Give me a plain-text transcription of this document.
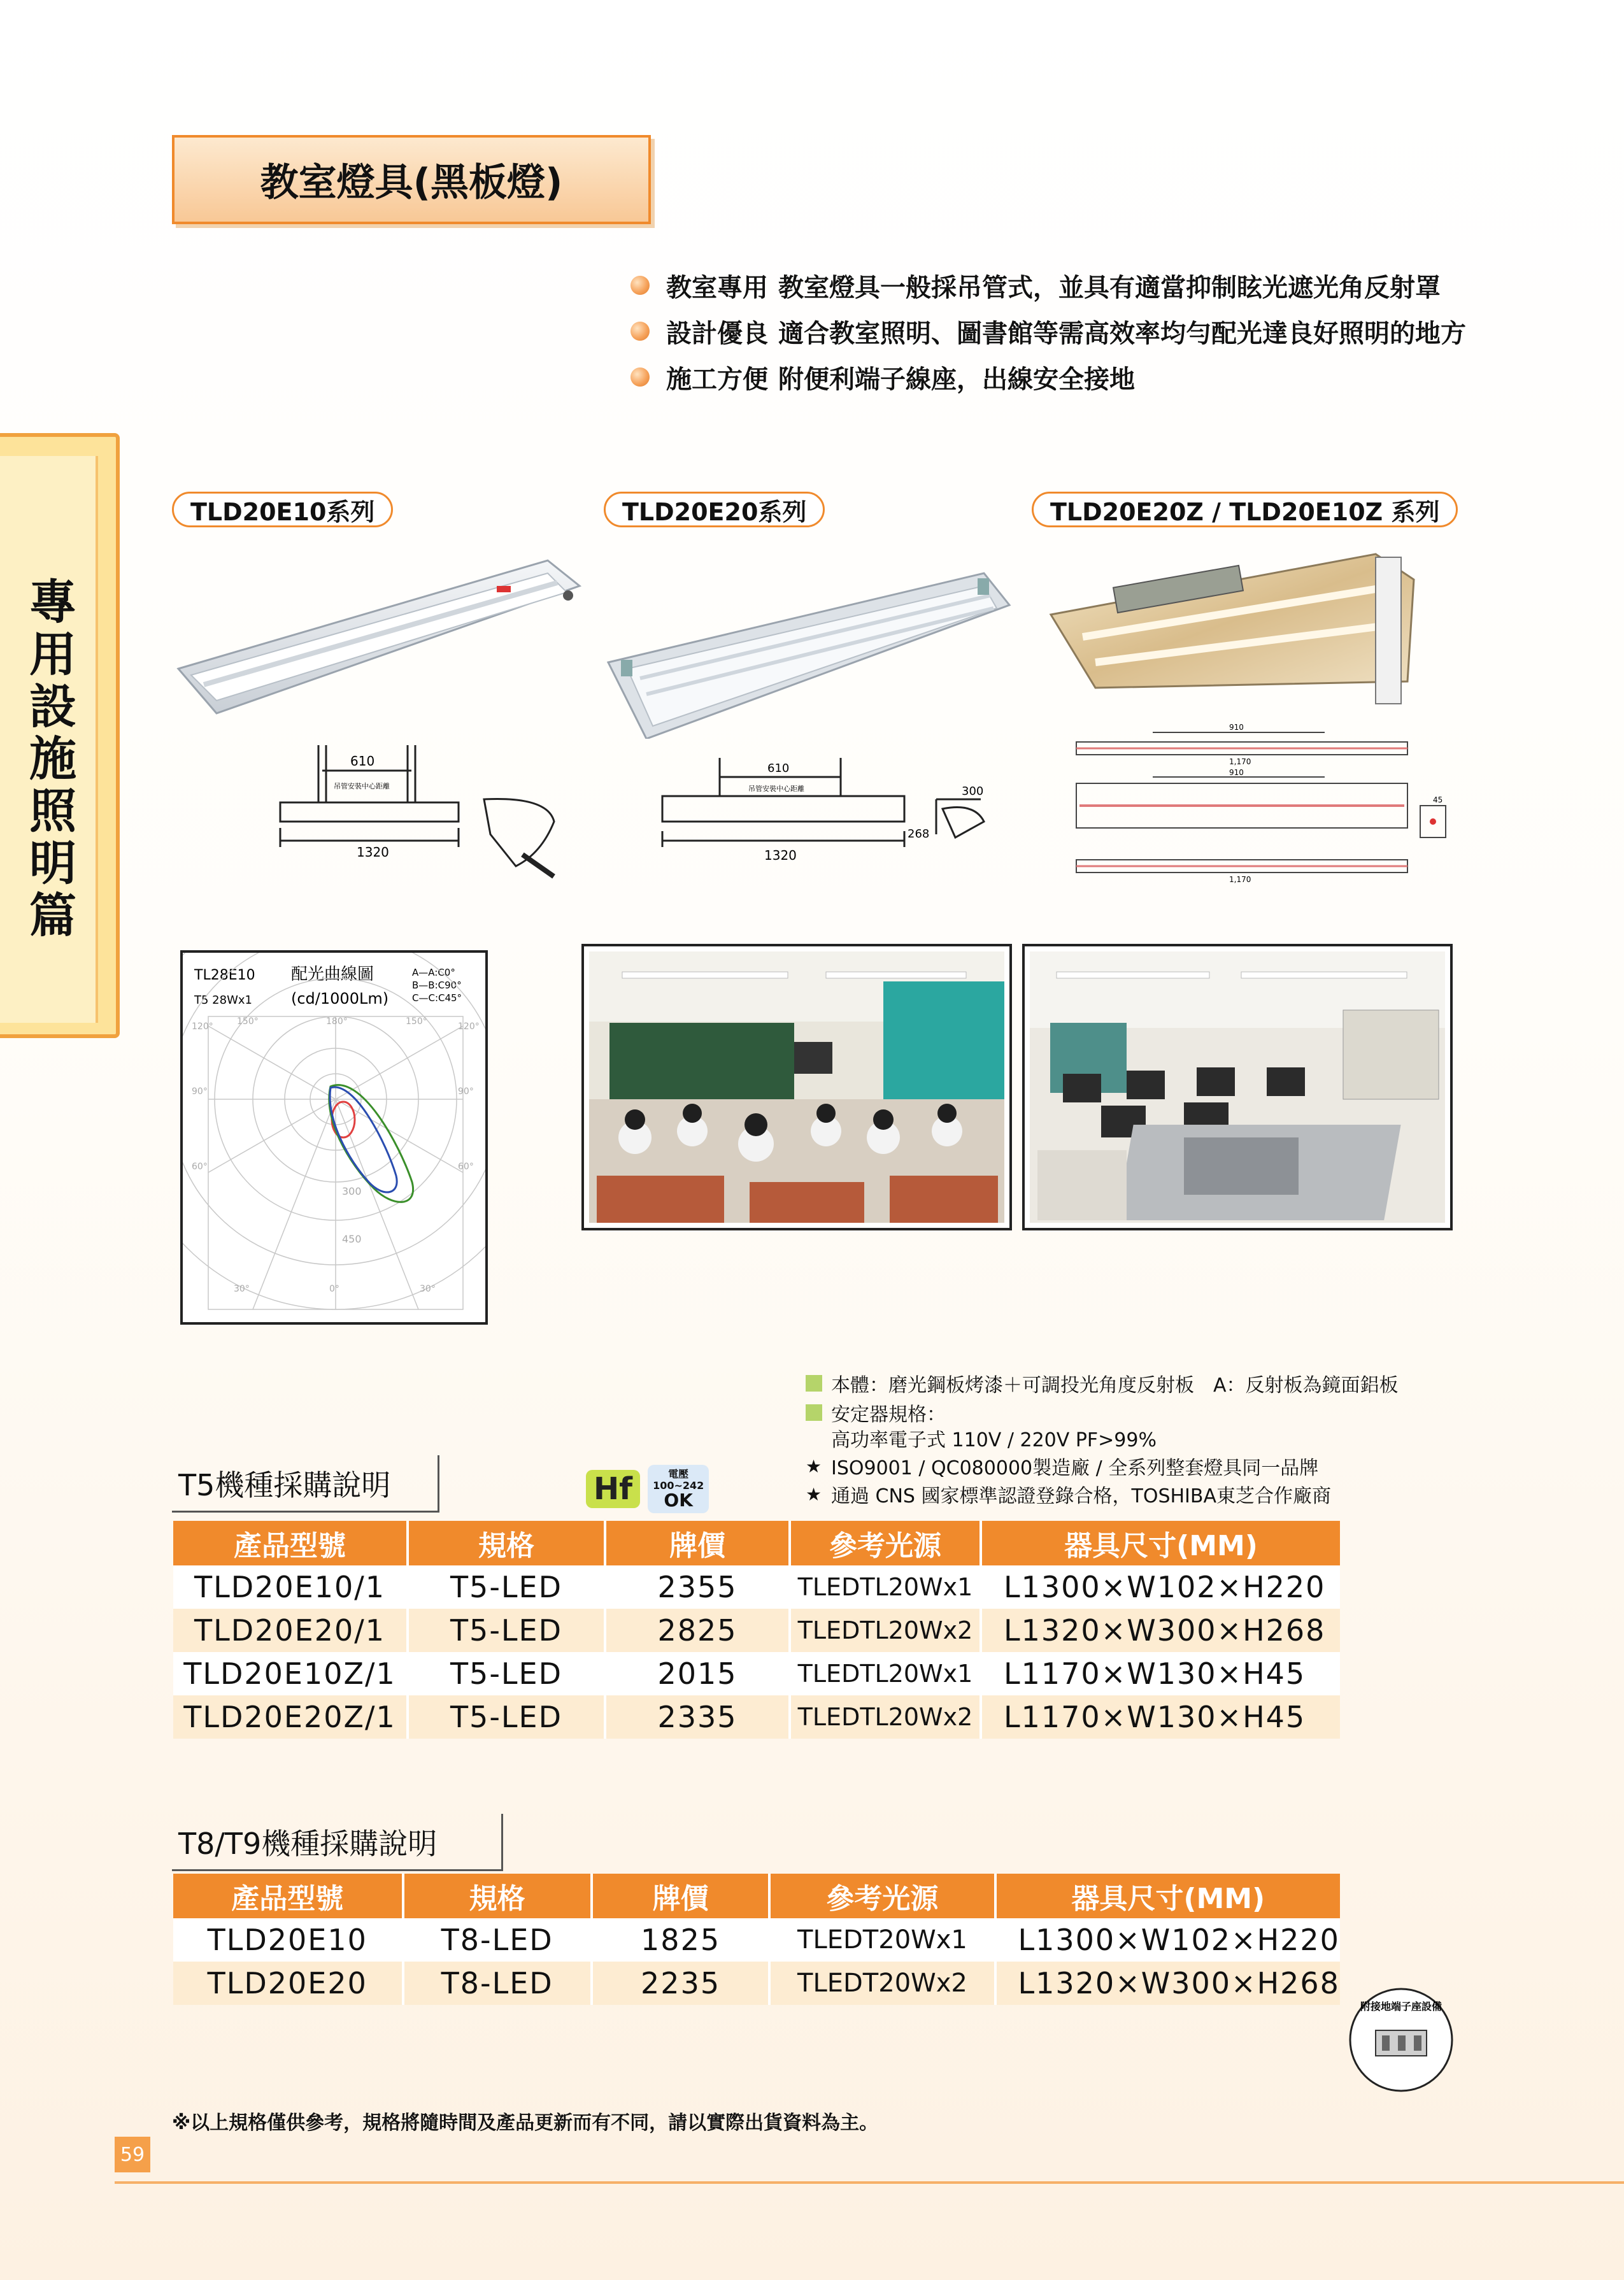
教室燈具(黑板燈)
教室專用 教室燈具一般採吊管式，並具有適當抑制眩光遮光角反射罩
設計優良 適合教室照明、圖書館等需高效率均勻配光達良好照明的地方
施工方便 附便利端子線座，出線安全接地
專用設施照明篇
TLD20E10系列	TLD20E20系列	TLD20E20Z / TLD20E10Z 系列
610
吊管安裝中心距離
1320
610
吊管安裝中心距離
1320
300
268
910
1,170
910
1,170
45
TL28E10
T5 28Wx1
配光曲線圖
(cd/1000Lm)
A—A:C0°
B—B:C90°
C—C:C45°
150°	180°	150°
120°	120°
90°	90°
60°	60°
30°	0°	30°
300
450
本體：磨光鋼板烤漆＋可調投光角度反射板　A：反射板為鏡面鋁板
安定器規格：
高功率電子式 110V / 220V PF>99%
★ ISO9001 / QC080000製造廠 / 全系列整套燈具同一品牌
★ 通過 CNS 國家標準認證登錄合格，TOSHIBA東芝合作廠商
Hf	電壓
100~242
OK
T5機種採購說明
產品型號	規格	牌價	參考光源	器具尺寸(MM)
TLD20E10/1	T5-LED	2355	TLEDTL20Wx1	L1300×W102×H220
TLD20E20/1	T5-LED	2825	TLEDTL20Wx2	L1320×W300×H268
TLD20E10Z/1	T5-LED	2015	TLEDTL20Wx1	L1170×W130×H45
TLD20E20Z/1	T5-LED	2335	TLEDTL20Wx2	L1170×W130×H45
T8/T9機種採購說明
產品型號	規格	牌價	參考光源	器具尺寸(MM)
TLD20E10	T8-LED	1825	TLEDT20Wx1	L1300×W102×H220
TLD20E20	T8-LED	2235	TLEDT20Wx2	L1320×W300×H268
附接地端子座設備
※以上規格僅供參考，規格將隨時間及產品更新而有不同，請以實際出貨資料為主。
59
